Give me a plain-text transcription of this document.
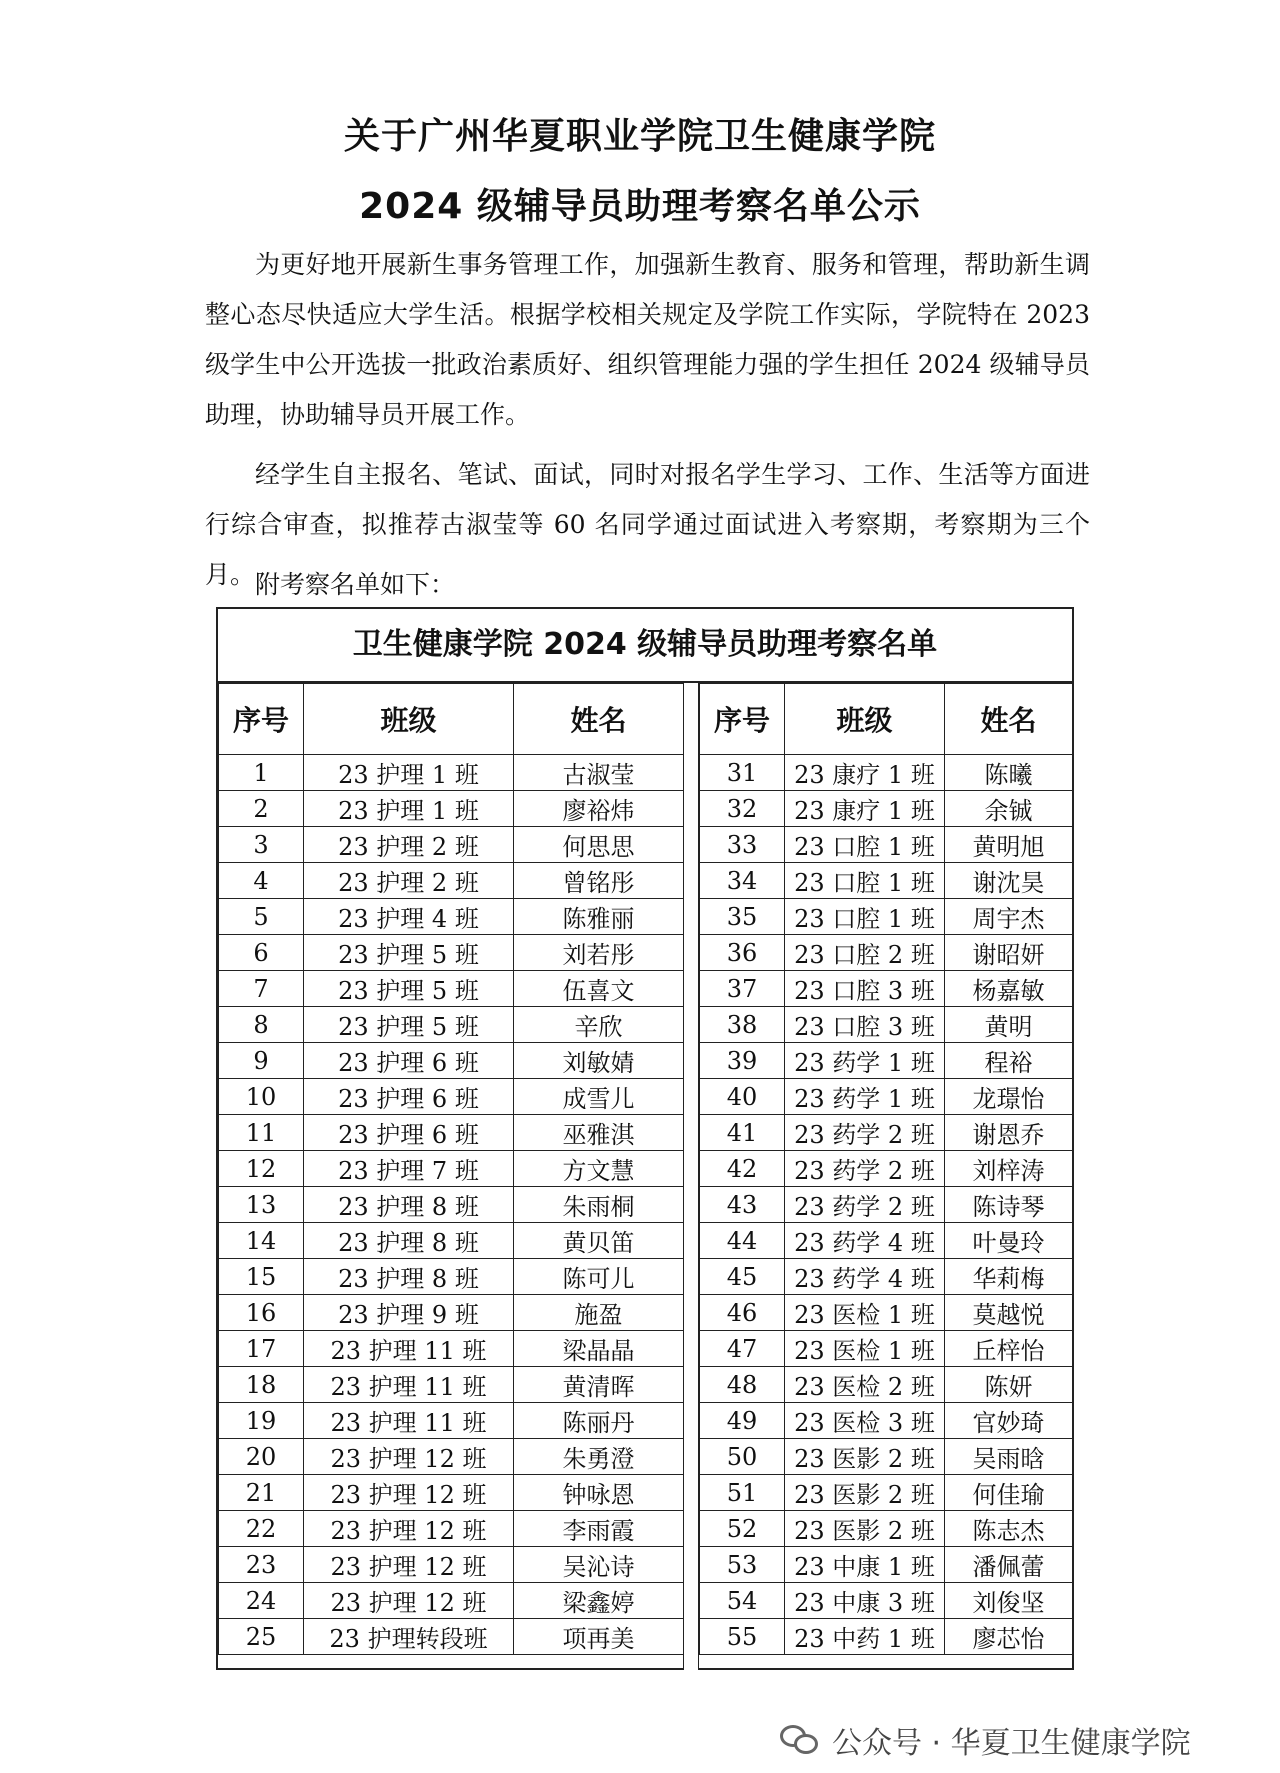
关于广州华夏职业学院卫生健康学院
2024 级辅导员助理考察名单公示

为更好地开展新生事务管理工作，加强新生教育、服务和管理，帮助新生调整心态尽快适应大学生活。根据学校相关规定及学院工作实际，学院特在 2023 级学生中公开选拔一批政治素质好、组织管理能力强的学生担任 2024 级辅导员助理，协助辅导员开展工作。

经学生自主报名、笔试、面试，同时对报名学生学习、工作、生活等方面进行综合审查，拟推荐古淑莹等 60 名同学通过面试进入考察期，考察期为三个月。 附考察名单如下：

卫生健康学院 2024 级辅导员助理考察名单
序号	班级	姓名
1	23 护理 1 班	古淑莹
2	23 护理 1 班	廖裕炜
3	23 护理 2 班	何思思
4	23 护理 2 班	曾铭彤
5	23 护理 4 班	陈雅丽
6	23 护理 5 班	刘若彤
7	23 护理 5 班	伍喜文
8	23 护理 5 班	辛欣
9	23 护理 6 班	刘敏婧
10	23 护理 6 班	成雪儿
11	23 护理 6 班	巫雅淇
12	23 护理 7 班	方文慧
13	23 护理 8 班	朱雨桐
14	23 护理 8 班	黄贝笛
15	23 护理 8 班	陈可儿
16	23 护理 9 班	施盈
17	23 护理 11 班	梁晶晶
18	23 护理 11 班	黄清晖
19	23 护理 11 班	陈丽丹
20	23 护理 12 班	朱勇澄
21	23 护理 12 班	钟咏恩
22	23 护理 12 班	李雨霞
23	23 护理 12 班	吴沁诗
24	23 护理 12 班	梁鑫婷
25	23 护理转段班	项再美
序号	班级	姓名
31	23 康疗 1 班	陈曦
32	23 康疗 1 班	余铖
33	23 口腔 1 班	黄明旭
34	23 口腔 1 班	谢沈昊
35	23 口腔 1 班	周宇杰
36	23 口腔 2 班	谢昭妍
37	23 口腔 3 班	杨嘉敏
38	23 口腔 3 班	黄明
39	23 药学 1 班	程裕
40	23 药学 1 班	龙璟怡
41	23 药学 2 班	谢恩乔
42	23 药学 2 班	刘梓涛
43	23 药学 2 班	陈诗琴
44	23 药学 4 班	叶曼玲
45	23 药学 4 班	华莉梅
46	23 医检 1 班	莫越悦
47	23 医检 1 班	丘梓怡
48	23 医检 2 班	陈妍
49	23 医检 3 班	官妙琦
50	23 医影 2 班	吴雨晗
51	23 医影 2 班	何佳瑜
52	23 医影 2 班	陈志杰
53	23 中康 1 班	潘佩蕾
54	23 中康 3 班	刘俊坚
55	23 中药 1 班	廖芯怡
公众号 · 华夏卫生健康学院
